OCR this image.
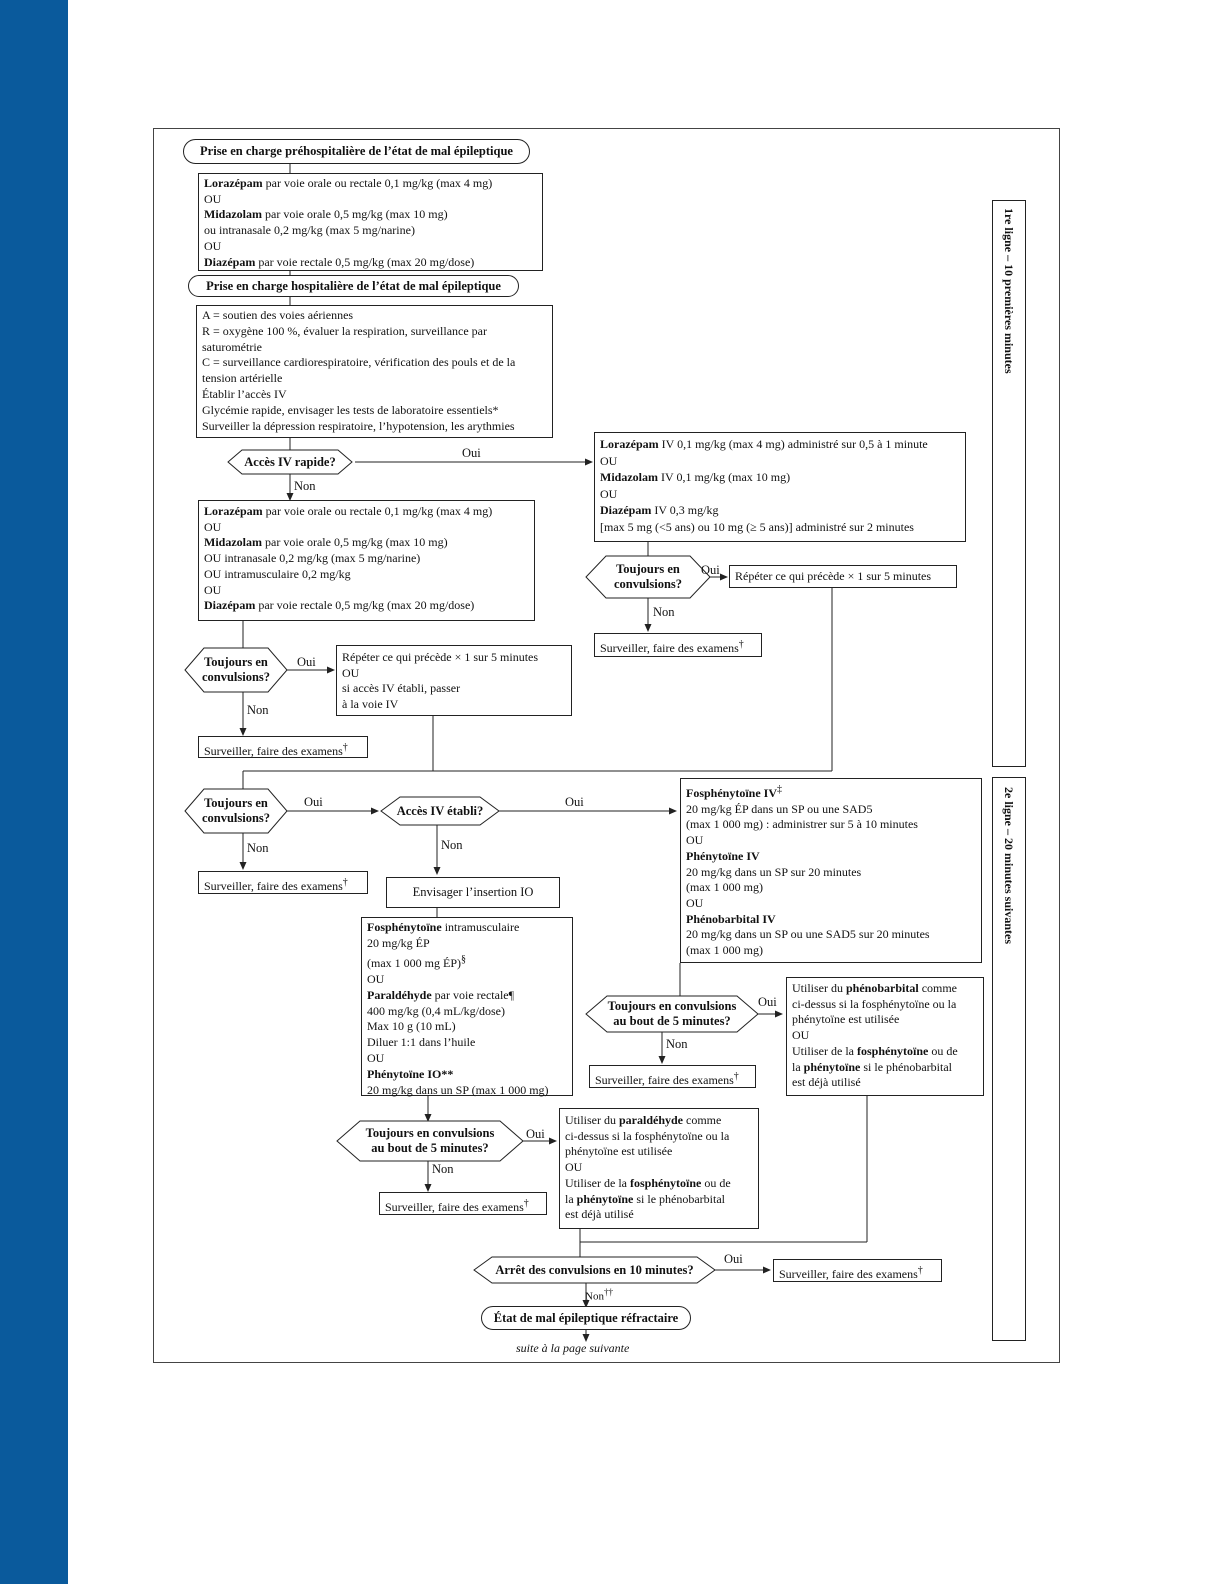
Prise en charge préhospitalière de l’état de mal épileptique
Lorazépam par voie orale ou rectale 0,1 mg/kg (max 4 mg)
OU
Midazolam par voie orale 0,5 mg/kg (max 10 mg)
ou intranasale 0,2 mg/kg (max 5 mg/narine)
OU
Diazépam par voie rectale 0,5 mg/kg (max 20 mg/dose)
Prise en charge hospitalière de l’état de mal épileptique
A = soutien des voies aériennes
R = oxygène 100 %, évaluer la respiration, surveillance par
saturométrie
C = surveillance cardiorespiratoire, vérification des pouls et de la
tension artérielle
Établir l’accès IV
Glycémie rapide, envisager les tests de laboratoire essentiels*
Surveiller la dépression respiratoire, l’hypotension, les arythmies
Accès IV rapide?
Oui
Non
Lorazépam IV 0,1 mg/kg (max 4 mg) administré sur 0,5 à 1 minute
OU
Midazolam IV 0,1 mg/kg (max 10 mg)
OU
Diazépam IV 0,3 mg/kg
[max 5 mg (<5 ans) ou 10 mg (≥ 5 ans)] administré sur 2 minutes
Toujours en
convulsions?
Oui	Répéter ce qui précède × 1 sur 5 minutes
Non
Surveiller, faire des examens†
Lorazépam par voie orale ou rectale 0,1 mg/kg (max 4 mg)
OU
Midazolam par voie orale 0,5 mg/kg (max 10 mg)
OU intranasale 0,2 mg/kg (max 5 mg/narine)
OU intramusculaire 0,2 mg/kg
OU
Diazépam par voie rectale 0,5 mg/kg (max 20 mg/dose)
Toujours en
convulsions?
Oui Répéter ce qui précède × 1 sur 5 minutes
OU
si accès IV établi, passer
à la voie IV
Non
Surveiller, faire des examens†
Toujours en
convulsions?
Oui
Accès IV établi?
Oui
Non	Non
Surveiller, faire des examens†
Envisager l’insertion IO
Fosphénytoïne IV‡
20 mg/kg ÉP dans un SP ou une SAD5
(max 1 000 mg) : administrer sur 5 à 10 minutes
OU
Phénytoïne IV
20 mg/kg dans un SP sur 20 minutes
(max 1 000 mg)
OU
Phénobarbital IV
20 mg/kg dans un SP ou une SAD5 sur 20 minutes
(max 1 000 mg)
Fosphénytoïne intramusculaire
20 mg/kg ÉP
(max 1 000 mg ÉP)§
OU
Paraldéhyde par voie rectale¶
400 mg/kg (0,4 mL/kg/dose)
Max 10 g (10 mL)
Diluer 1:1 dans l’huile
OU
Phénytoïne IO**
20 mg/kg dans un SP (max 1 000 mg)
Toujours en convulsions
au bout de 5 minutes?
Oui
Non
Surveiller, faire des examens†
Utiliser du phénobarbital comme
ci-dessus si la fosphénytoïne ou la
phénytoïne est utilisée
OU
Utiliser de la fosphénytoïne ou de
la phénytoïne si le phénobarbital
est déjà utilisé
Toujours en convulsions
au bout de 5 minutes?
Oui
Non
Surveiller, faire des examens†
Utiliser du paraldéhyde comme
ci-dessus si la fosphénytoïne ou la
phénytoïne est utilisée
OU
Utiliser de la fosphénytoïne ou de
la phénytoïne si le phénobarbital
est déjà utilisé
Arrêt des convulsions en 10 minutes?
Oui
Surveiller, faire des examens†
Non††
État de mal épileptique réfractaire
suite à la page suivante
1re ligne – 10 premières minutes
2e ligne – 20 minutes suivantes
